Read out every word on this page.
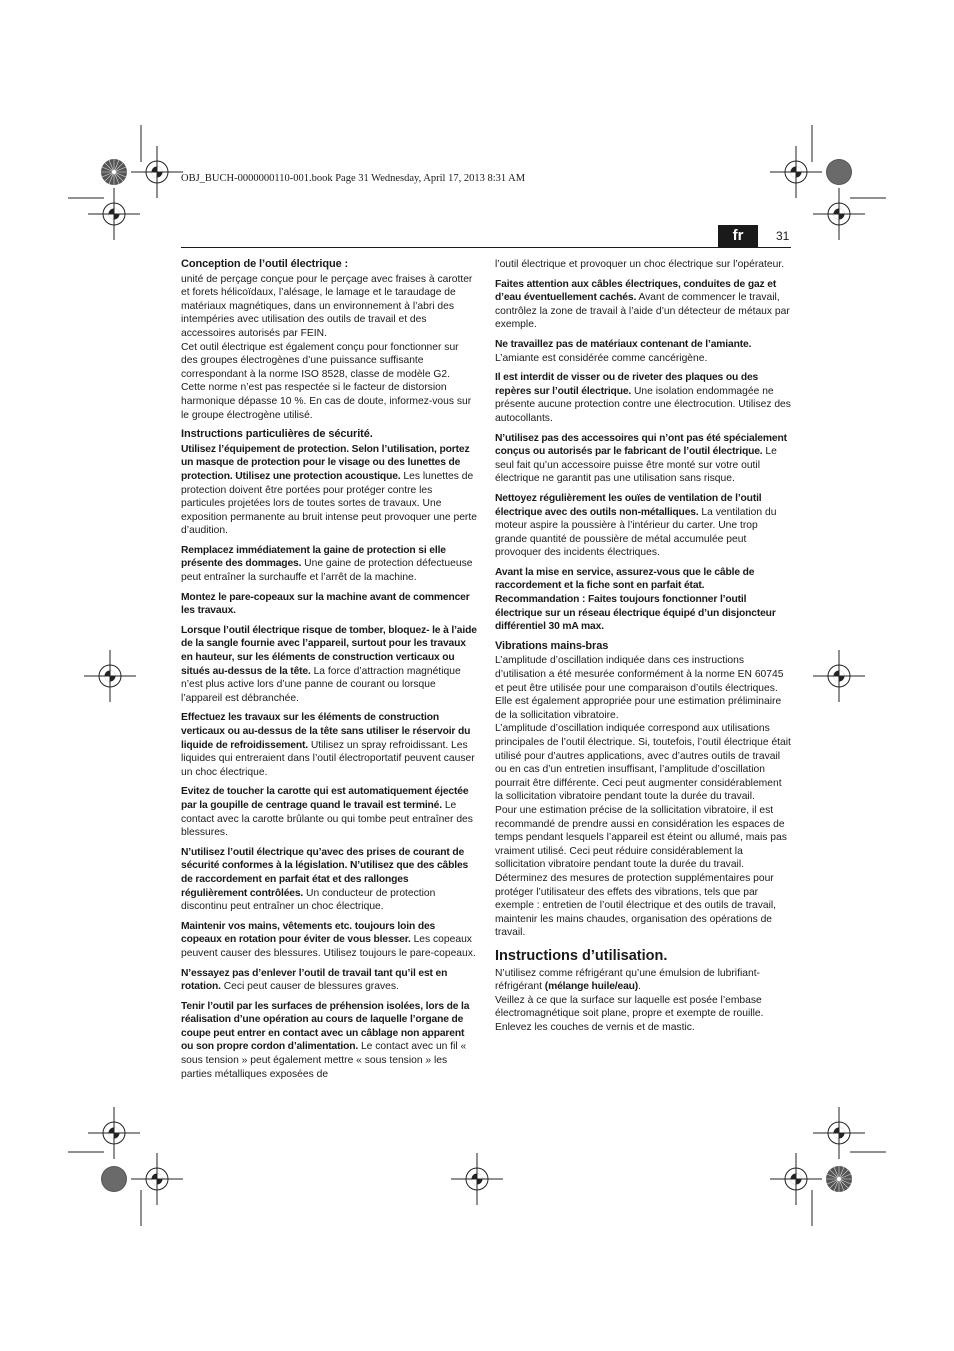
OBJ_BUCH-0000000110-001.book Page 31 Wednesday, April 17, 2013 8:31 AM
fr	31
Conception de l’outil électrique :

unité de perçage conçue pour le perçage avec fraises à carotter et forets hélicoïdaux, l’alésage, le lamage et le taraudage de matériaux magnétiques, dans un environnement à l’abri des intempéries avec utilisation des outils de travail et des accessoires autorisés par FEIN.

Cet outil électrique est également conçu pour fonctionner sur des groupes électrogènes d’une puissance suffisante correspondant à la norme ISO 8528, classe de modèle G2. Cette norme n’est pas respectée si le facteur de distorsion harmonique dépasse 10 %. En cas de doute, informez-vous sur le groupe électrogène utilisé.

Instructions particulières de sécurité.

Utilisez l’équipement de protection. Selon l’utilisation, portez un masque de protection pour le visage ou des lunettes de protection. Utilisez une protection acoustique. Les lunettes de protection doivent être portées pour protéger contre les particules projetées lors de toutes sortes de travaux. Une exposition permanente au bruit intense peut provoquer une perte d’audition.

Remplacez immédiatement la gaine de protection si elle présente des dommages. Une gaine de protection défectueuse peut entraîner la surchauffe et l’arrêt de la machine.

Montez le pare-copeaux sur la machine avant de commencer les travaux.

Lorsque l’outil électrique risque de tomber, bloquez- le à l’aide de la sangle fournie avec l’appareil, surtout pour les travaux en hauteur, sur les éléments de construction verticaux ou situés au-dessus de la tête. La force d’attraction magnétique n’est plus active lors d’une panne de courant ou lorsque l’appareil est débranchée.

Effectuez les travaux sur les éléments de construction verticaux ou au-dessus de la tête sans utiliser le réservoir du liquide de refroidissement. Utilisez un spray refroidissant. Les liquides qui entreraient dans l’outil électroportatif peuvent causer un choc électrique.

Evitez de toucher la carotte qui est automatiquement éjectée par la goupille de centrage quand le travail est terminé. Le contact avec la carotte brûlante ou qui tombe peut entraîner des blessures.

N’utilisez l’outil électrique qu’avec des prises de courant de sécurité conformes à la législation. N’utilisez que des câbles de raccordement en parfait état et des rallonges régulièrement contrôlées. Un conducteur de protection discontinu peut entraîner un choc électrique.

Maintenir vos mains, vêtements etc. toujours loin des copeaux en rotation pour éviter de vous blesser. Les copeaux peuvent causer des blessures. Utilisez toujours le pare-copeaux.

N’essayez pas d’enlever l’outil de travail tant qu’il est en rotation. Ceci peut causer de blessures graves.

Tenir l’outil par les surfaces de préhension isolées, lors de la réalisation d’une opération au cours de laquelle l’organe de coupe peut entrer en contact avec un câblage non apparent ou son propre cordon d’alimentation. Le contact avec un fil « sous tension » peut également mettre « sous tension » les parties métalliques exposées de

l’outil électrique et provoquer un choc électrique sur l’opérateur.

Faites attention aux câbles électriques, conduites de gaz et d’eau éventuellement cachés. Avant de commencer le travail, contrôlez la zone de travail à l’aide d’un détecteur de métaux par exemple.

Ne travaillez pas de matériaux contenant de l’amiante.
L’amiante est considérée comme cancérigène.

Il est interdit de visser ou de riveter des plaques ou des repères sur l’outil électrique. Une isolation endommagée ne présente aucune protection contre une électrocution. Utilisez des autocollants.

N’utilisez pas des accessoires qui n’ont pas été spécialement conçus ou autorisés par le fabricant de l’outil électrique. Le seul fait qu’un accessoire puisse être monté sur votre outil électrique ne garantit pas une utilisation sans risque.

Nettoyez régulièrement les ouïes de ventilation de l’outil électrique avec des outils non-métalliques. La ventilation du moteur aspire la poussière à l’intérieur du carter. Une trop grande quantité de poussière de métal accumulée peut provoquer des incidents électriques.

Avant la mise en service, assurez-vous que le câble de raccordement et la fiche sont en parfait état.

Recommandation : Faites toujours fonctionner l’outil électrique sur un réseau électrique équipé d’un disjoncteur différentiel 30 mA max.

Vibrations mains-bras

L’amplitude d’oscillation indiquée dans ces instructions d’utilisation a été mesurée conformément à la norme EN 60745 et peut être utilisée pour une comparaison d’outils électriques. Elle est également appropriée pour une estimation préliminaire de la sollicitation vibratoire.

L’amplitude d’oscillation indiquée correspond aux utilisations principales de l’outil électrique. Si, toutefois, l’outil électrique était utilisé pour d’autres applications, avec d’autres outils de travail ou en cas d’un entretien insuffisant, l’amplitude d’oscillation pourrait être différente. Ceci peut augmenter considérablement la sollicitation vibratoire pendant toute la durée du travail.

Pour une estimation précise de la sollicitation vibratoire, il est recommandé de prendre aussi en considération les espaces de temps pendant lesquels l’appareil est éteint ou allumé, mais pas vraiment utilisé. Ceci peut réduire considérablement la sollicitation vibratoire pendant toute la durée du travail.

Déterminez des mesures de protection supplémentaires pour protéger l’utilisateur des effets des vibrations, tels que par exemple : entretien de l’outil électrique et des outils de travail, maintenir les mains chaudes, organisation des opérations de travail.

Instructions d’utilisation.

N’utilisez comme réfrigérant qu’une émulsion de lubrifiant-réfrigérant (mélange huile/eau).

Veillez à ce que la surface sur laquelle est posée l’embase électromagnétique soit plane, propre et exempte de rouille. Enlevez les couches de vernis et de mastic.
